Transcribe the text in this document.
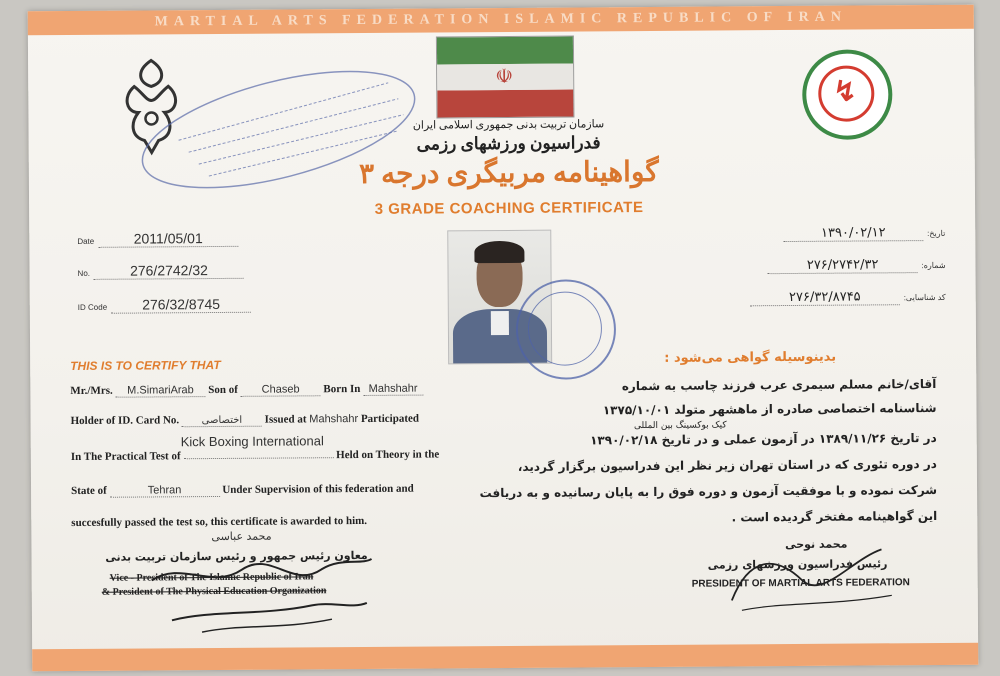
MARTIAL ARTS FEDERATION ISLAMIC REPUBLIC OF IRAN
☫	↯
سازمان تربیت بدنی جمهوری اسلامی ایران
فدراسیون ورزشهای رزمی
گواهینامه مربیگری درجه ۳
3 GRADE COACHING CERTIFICATE
Date	2011/05/01
No.	276/2742/32
ID Code 276/32/8745
تاریخ: ۱۳۹۰/۰۲/۱۲
شماره: ۲۷۶/۲۷۴۲/۳۲
کد شناسایی: ۲۷۶/۳۲/۸۷۴۵
THIS IS TO CERTIFY THAT
Mr./Mrs. M.SimariArab Son of Chaseb Born In Mahshahr
Holder of ID. Card No. اختصاصی Issued at Mahshahr Participated
Kick Boxing International
In The Practical Test of	Held on Theory in the
State of	Tehran	Under Supervision of this federation and
succesfully passed the test so, this certificate is awarded to him.
محمد عباسی
معاون رئیس جمهور و رئیس سازمان تربیت بدنی
Vice - President of The Islamic Republic of Iran
& President of The Physical Education Organization
بدینوسیله گواهی می‌شود :
آقای/خانم مسلم سیمری عرب فرزند چاسب به شماره
شناسنامه اختصاصی صادره از ماهشهر متولد ۱۳۷۵/۱۰/۰۱
کیک بوکسینگ بین المللی
در تاریخ ۱۳۸۹/۱۱/۲۶ در آزمون عملی و در تاریخ ۱۳۹۰/۰۲/۱۸
در دوره تئوری که در استان تهران زیر نظر این فدراسیون برگزار گردید،
شرکت نموده و با موفقیت آزمون و دوره فوق را به پایان رسانیده و به دریافت
این گواهینامه مفتخر گردیده است .
محمد نوحی
رئیس فدراسیون ورزشهای رزمی
PRESIDENT OF MARTIAL ARTS FEDERATION
